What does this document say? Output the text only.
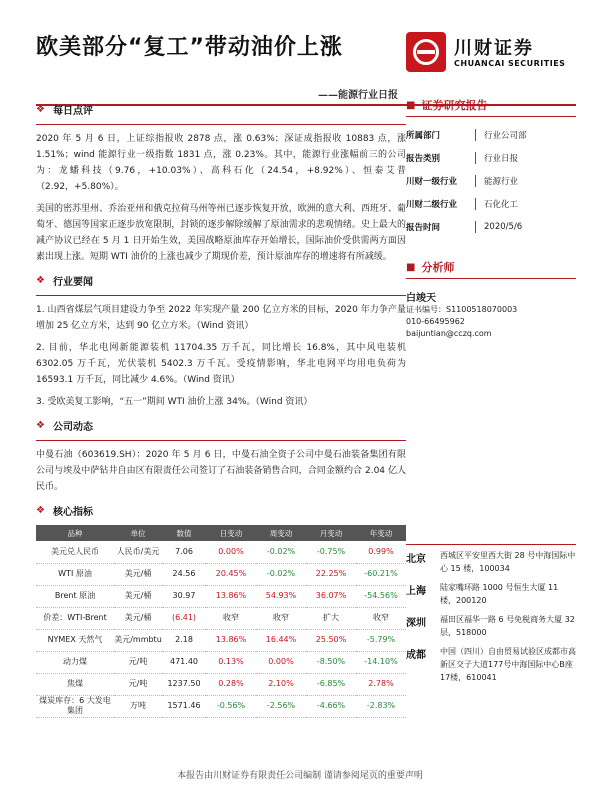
欧美部分“复工”带动油价上涨
——能源行业日报
川财证券
CHUANCAI SECURITIES
❖ 每日点评

2020 年 5 月 6 日，上证综指报收 2878 点，涨 0.63%；深证成指报收 10883 点，涨 1.51%；wind 能源行业一级指数 1831 点，涨 0.23%。其中，能源行业涨幅前三的公司为：龙蟠科技（9.76，+10.03%）、高科石化（24.54，+8.92%）、恒泰艾普（2.92，+5.80%）。

美国的密苏里州、乔治亚州和俄克拉荷马州等州已逐步恢复开放，欧洲的意大利、西班牙、葡萄牙、德国等国家正逐步放宽限制，封锁的逐步解除缓解了原油需求的悲观情绪。史上最大的减产协议已经在 5 月 1 日开始生效，美国战略原油库存开始增长，国际油价受供需两方面因素出现上涨。短期 WTI 油价的上涨也减少了期现价差，预计原油库存的增速将有所减缓。

❖ 行业要闻

1. 山西省煤层气项目建设力争至 2022 年实现产量 200 亿立方米的目标，2020 年力争产量增加 25 亿立方米，达到 90 亿立方米。（Wind 资讯）

2. 目前，华北电网新能源装机 11704.35 万千瓦，同比增长 16.8%，其中风电装机 6302.05 万千瓦，光伏装机 5402.3 万千瓦。受疫情影响，华北电网平均用电负荷为 16593.1 万千瓦，同比减少 4.6%。（Wind 资讯）

3. 受欧美复工影响，“五一”期间 WTI 油价上涨 34%。（Wind 资讯）

❖ 公司动态

中曼石油（603619.SH）：2020 年 5 月 6 日，中曼石油全资子公司中曼石油装备集团有限公司与埃及中萨钻井自由区有限责任公司签订了石油装备销售合同，合同金额约合 2.04 亿人民币。

❖ 核心指标
品种	单位	数值	日变动	周变动	月变动	年变动
美元兑人民币	人民币/美元	7.06	0.00%	-0.02%	-0.75%	0.99%
WTI 原油	美元/桶	24.56	20.45%	-0.02%	22.25%	-60.21%
Brent 原油	美元/桶	30.97	13.86%	54.93%	36.07%	-54.56%
价差：WTI-Brent	美元/桶	(6.41)	收窄	收窄	扩大	收窄
NYMEX 天然气	美元/mmbtu	2.18	13.86%	16.44%	25.50%	-5.79%
动力煤	元/吨	471.40	0.13%	0.00%	-8.50%	-14.10%
焦煤	元/吨	1237.50	0.28%	2.10%	-6.85%	2.78%
煤炭库存：6 大发电集团	万吨	1571.46	-0.56%	-2.56%	-4.66%	-2.83%
■ 证券研究报告
所属部门	行业公司部
报告类别	行业日报
川财一级行业	能源行业
川财二级行业	石化化工
报告时间	2020/5/6
■ 分析师
白竣天
证书编号：S1100518070003
010-66495962
baijuntian@cczq.com
北京	西城区平安里西大街 28 号中海国际中心 15 楼，100034
上海	陆家嘴环路 1000 号恒生大厦 11 楼，200120
深圳	福田区福华一路 6 号免税商务大厦 32 层，518000
成都	中国（四川）自由贸易试验区成都市高新区交子大道177号中海国际中心B座17楼，610041
本报告由川财证券有限责任公司编制 谨请参阅尾页的重要声明
